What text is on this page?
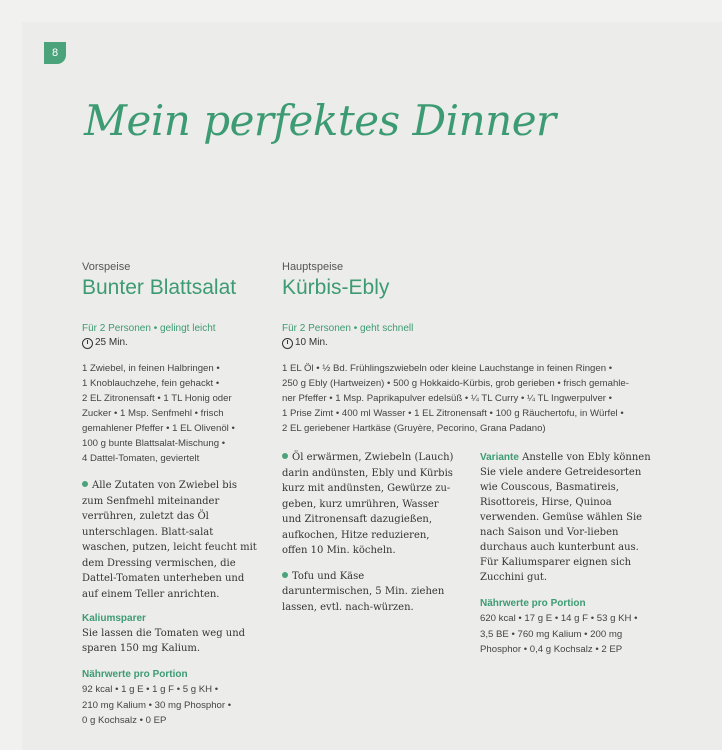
8
Mein perfektes Dinner
Vorspeise
Bunter Blattsalat
Für 2 Personen • gelingt leicht
25 Min.
1 Zwiebel, in feinen Halbringen •
1 Knoblauchzehe, fein gehackt •
2 EL Zitronensaft • 1 TL Honig oder
Zucker • 1 Msp. Senfmehl • frisch
gemahlener Pfeffer • 1 EL Olivenöl •
100 g bunte Blattsalat-Mischung •
4 Dattel-Tomaten, geviertelt
Alle Zutaten von Zwiebel bis zum Senfmehl miteinander verrühren, zuletzt das Öl unterschlagen. Blatt-salat waschen, putzen, leicht feucht mit dem Dressing vermischen, die Dattel-Tomaten unterheben und auf einem Teller anrichten.
Kaliumsparer
Sie lassen die Tomaten weg und sparen 150 mg Kalium.
Nährwerte pro Portion
92 kcal • 1 g E • 1 g F • 5 g KH •
210 mg Kalium • 30 mg Phosphor •
0 g Kochsalz • 0 EP
Hauptspeise
Kürbis-Ebly
Für 2 Personen • geht schnell
10 Min.
1 EL Öl • ½ Bd. Frühlingszwiebeln oder kleine Lauchstange in feinen Ringen •
250 g Ebly (Hartweizen) • 500 g Hokkaido-Kürbis, grob gerieben • frisch gemahle-
ner Pfeffer • 1 Msp. Paprikapulver edelsüß • ¼ TL Curry • ¼ TL Ingwerpulver •
1 Prise Zimt • 400 ml Wasser • 1 EL Zitronensaft • 100 g Räuchertofu, in Würfel •
2 EL geriebener Hartkäse (Gruyère, Pecorino, Grana Padano)
Öl erwärmen, Zwiebeln (Lauch) darin andünsten, Ebly und Kürbis kurz mit andünsten, Gewürze zu-geben, kurz umrühren, Wasser und Zitronensaft dazugießen, aufkochen, Hitze reduzieren, offen 10 Min. köcheln.
Tofu und Käse daruntermischen, 5 Min. ziehen lassen, evtl. nach-würzen.
Variante Anstelle von Ebly können Sie viele andere Getreidesorten wie Couscous, Basmatireis, Risottoreis, Hirse, Quinoa verwenden. Gemüse wählen Sie nach Saison und Vor-lieben durchaus auch kunterbunt aus. Für Kaliumsparer eignen sich Zucchini gut.
Nährwerte pro Portion
620 kcal • 17 g E • 14 g F • 53 g KH •
3,5 BE • 760 mg Kalium • 200 mg
Phosphor • 0,4 g Kochsalz • 2 EP
